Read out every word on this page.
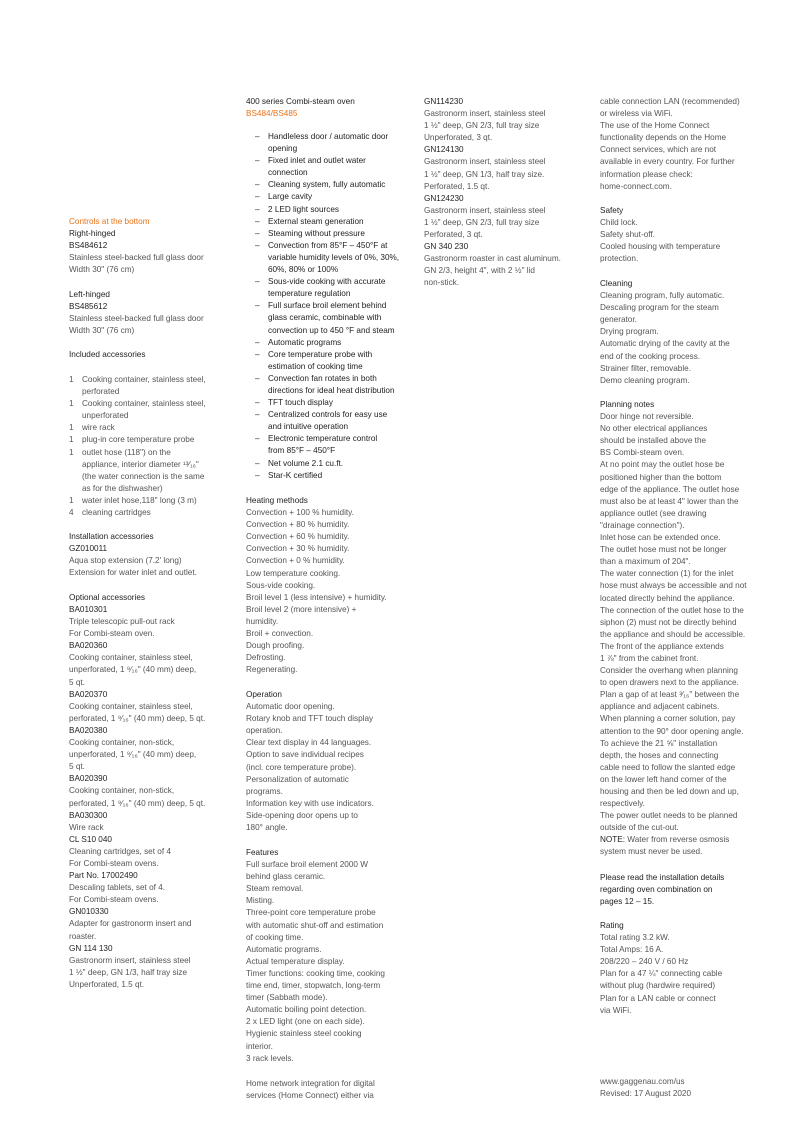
Controls at the bottom
Right-hinged
BS484612
Stainless steel-backed full glass door
Width 30" (76 cm)
Left-hinged
BS485612
Stainless steel-backed full glass door
Width 30" (76 cm)
Included accessories
1	Cooking container, stainless steel,
perforated
1	Cooking container, stainless steel,
unperforated
1	wire rack
1	plug-in core temperature probe
1	outlet hose (118") on the
appliance, interior diameter ¹³⁄₁₆"
(the water connection is the same
as for the dishwasher)
1	water inlet hose,118" long (3 m)
4	cleaning cartridges
Installation accessories
GZ010011
Aqua stop extension (7.2' long)
Extension for water inlet and outlet.
Optional accessories
BA010301
Triple telescopic pull-out rack
For Combi-steam oven.
BA020360
Cooking container, stainless steel,
unperforated, 1 ⁹⁄₁₆" (40 mm) deep,
5 qt.
BA020370
Cooking container, stainless steel,
perforated, 1 ⁹⁄₁₆" (40 mm) deep, 5 qt.
BA020380
Cooking container, non-stick,
unperforated, 1 ⁹⁄₁₆" (40 mm) deep,
5 qt.
BA020390
Cooking container, non-stick,
perforated, 1 ⁹⁄₁₆" (40 mm) deep, 5 qt.
BA030300
Wire rack
CL S10 040
Cleaning cartridges, set of 4
For Combi-steam ovens.
Part No. 17002490
Descaling tablets, set of 4.
For Combi-steam ovens.
GN010330
Adapter for gastronorm insert and
roaster.
GN 114 130
Gastronorm insert, stainless steel
1 ½" deep, GN 1/3, half tray size
Unperforated, 1.5 qt.
400 series Combi-steam oven
BS484/BS485
–	Handleless door / automatic door
opening
–	Fixed inlet and outlet water
connection
–	Cleaning system, fully automatic
–	Large cavity
–	2 LED light sources
–	External steam generation
–	Steaming without pressure
–	Convection from 85°F – 450°F at
variable humidity levels of 0%, 30%,
60%, 80% or 100%
–	Sous-vide cooking with accurate
temperature regulation
–	Full surface broil element behind
glass ceramic, combinable with
convection up to 450 °F and steam
–	Automatic programs
–	Core temperature probe with
estimation of cooking time
–	Convection fan rotates in both
directions for ideal heat distribution
–	TFT touch display
–	Centralized controls for easy use
and intuitive operation
–	Electronic temperature control
from 85°F – 450°F
–	Net volume 2.1 cu.ft.
–	Star-K certified
Heating methods
Convection + 100 % humidity.
Convection + 80 % humidity.
Convection + 60 % humidity.
Convection + 30 % humidity.
Convection + 0 % humidity.
Low temperature cooking.
Sous-vide cooking.
Broil level 1 (less intensive) + humidity.
Broil level 2 (more intensive) +
humidity.
Broil + convection.
Dough proofing.
Defrosting.
Regenerating.
Operation
Automatic door opening.
Rotary knob and TFT touch display
operation.
Clear text display in 44 languages.
Option to save individual recipes
(incl. core temperature probe).
Personalization of automatic
programs.
Information key with use indicators.
Side-opening door opens up to
180° angle.
Features
Full surface broil element 2000 W
behind glass ceramic.
Steam removal.
Misting.
Three-point core temperature probe
with automatic shut-off and estimation
of cooking time.
Automatic programs.
Actual temperature display.
Timer functions: cooking time, cooking
time end, timer, stopwatch, long-term
timer (Sabbath mode).
Automatic boiling point detection.
2 x LED light (one on each side).
Hygienic stainless steel cooking
interior.
3 rack levels.
Home network integration for digital
services (Home Connect) either via
GN114230
Gastronorm insert, stainless steel
1 ½" deep, GN 2/3, full tray size
Unperforated, 3 qt.
GN124130
Gastronorm insert, stainless steel
1 ½" deep, GN 1/3, half tray size.
Perforated, 1.5 qt.
GN124230
Gastronorm insert, stainless steel
1 ½" deep, GN 2/3, full tray size
Perforated, 3 qt.
GN 340 230
Gastronorm roaster in cast aluminum.
GN 2/3, height 4", with 2 ½" lid
non-stick.
cable connection LAN (recommended)
or wireless via WiFi.
The use of the Home Connect
functionality depends on the Home
Connect services, which are not
available in every country. For further
information please check:
home-connect.com.
Safety
Child lock.
Safety shut-off.
Cooled housing with temperature
protection.
Cleaning
Cleaning program, fully automatic.
Descaling program for the steam
generator.
Drying program.
Automatic drying of the cavity at the
end of the cooking process.
Strainer filter, removable.
Demo cleaning program.
Planning notes
Door hinge not reversible.
No other electrical appliances
should be installed above the
BS Combi-steam oven.
At no point may the outlet hose be
positioned higher than the bottom
edge of the appliance. The outlet hose
must also be at least 4" lower than the
appliance outlet (see drawing
"drainage connection").
Inlet hose can be extended once.
The outlet hose must not be longer
than a maximum of 204".
The water connection (1) for the inlet
hose must always be accessible and not
located directly behind the appliance.
The connection of the outlet hose to the
siphon (2) must not be directly behind
the appliance and should be accessible.
The front of the appliance extends
1 ⅞" from the cabinet front.
Consider the overhang when planning
to open drawers next to the appliance.
Plan a gap of at least ³⁄₁₆" between the
appliance and adjacent cabinets.
When planning a corner solution, pay
attention to the 90° door opening angle.
To achieve the 21 ⅝" installation
depth, the hoses and connecting
cable need to follow the slanted edge
on the lower left hand corner of the
housing and then be led down and up,
respectively.
The power outlet needs to be planned
outside of the cut-out.
NOTE: Water from reverse osmosis
system must never be used.
Please read the installation details
regarding oven combination on
pages 12 – 15.
Rating
Total rating 3.2 kW.
Total Amps: 16 A.
208/220 – 240 V / 60 Hz
Plan for a 47 ¼" connecting cable
without plug (hardwire required)
Plan for a LAN cable or connect
via WiFi.
www.gaggenau.com/us
Revised: 17 August 2020
